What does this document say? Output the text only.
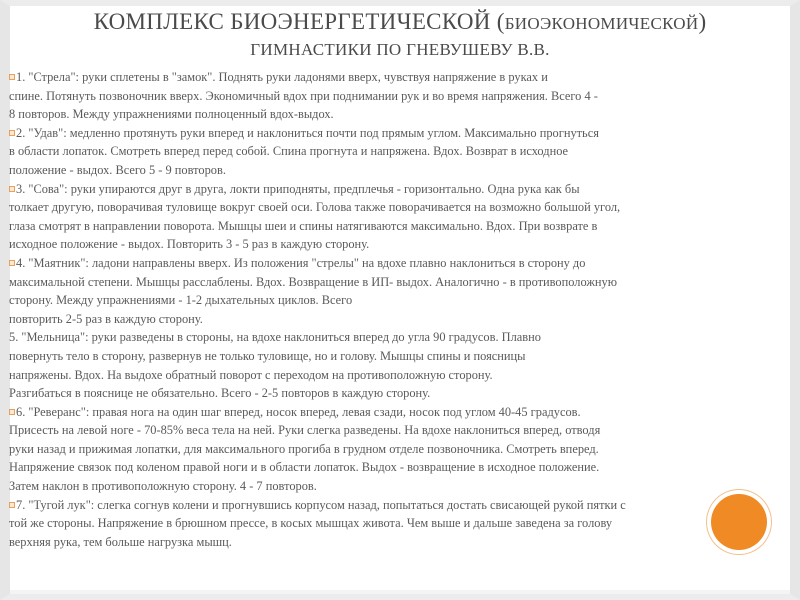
КОМПЛЕКС БИОЭНЕРГЕТИЧЕСКОЙ (БИОЭКОНОМИЧЕСКОЙ)
ГИМНАСТИКИ ПО ГНЕВУШЕВУ В.В.
1. "Стрела": руки сплетены в "замок". Поднять руки ладонями вверх, чувствуя напряжение в руках и
спине. Потянуть позвоночник вверх. Экономичный вдох при поднимании рук и во время напряжения. Всего 4 -
8 повторов. Между упражнениями полноценный вдох-выдох.
2. "Удав": медленно протянуть руки вперед и наклониться почти под прямым углом. Максимально прогнуться
в области лопаток. Смотреть вперед перед собой. Спина прогнута и напряжена. Вдох. Возврат в исходное
положение - выдох. Всего 5 - 9 повторов.
3. "Сова": руки упираются друг в друга, локти приподняты, предплечья - горизонтально. Одна рука как бы
толкает другую, поворачивая туловище вокруг своей оси. Голова также поворачивается на возможно большой угол,
глаза смотрят в направлении поворота. Мышцы шеи и спины натягиваются максимально. Вдох. При возврате в
исходное положение - выдох. Повторить 3 - 5 раз в каждую сторону.
4. "Маятник": ладони направлены вверх. Из положения "стрелы" на вдохе плавно наклониться в сторону до
максимальной степени. Мышцы расслаблены. Вдох. Возвращение в ИП- выдох. Аналогично - в противоположную
сторону. Между упражнениями - 1-2 дыхательных циклов. Всего
повторить 2-5 раз в каждую сторону.
5. "Мельница": руки разведены в стороны, на вдохе наклониться вперед до угла 90 градусов. Плавно
повернуть тело в сторону, развернув не только туловище, но и голову. Мышцы спины и поясницы
напряжены. Вдох. На выдохе обратный поворот с переходом на противоположную сторону.
Разгибаться в пояснице не обязательно. Всего - 2-5 повторов в каждую сторону.
6. "Реверанс": правая нога на один шаг вперед, носок вперед, левая сзади, носок под углом 40-45 градусов.
Присесть на левой ноге - 70-85% веса тела на ней. Руки слегка разведены. На вдохе наклониться вперед, отводя
руки назад и прижимая лопатки, для максимального прогиба в грудном отделе позвоночника. Смотреть вперед.
Напряжение связок под коленом правой ноги и в области лопаток. Выдох - возвращение в исходное положение.
Затем наклон в противоположную сторону. 4 - 7 повторов.
7. "Тугой лук": слегка согнув колени и прогнувшись корпусом назад, попытаться достать свисающей рукой пятки с
той же стороны. Напряжение в брюшном прессе, в косых мышцах живота. Чем выше и дальше заведена за голову
верхняя рука, тем больше нагрузка мышц.
